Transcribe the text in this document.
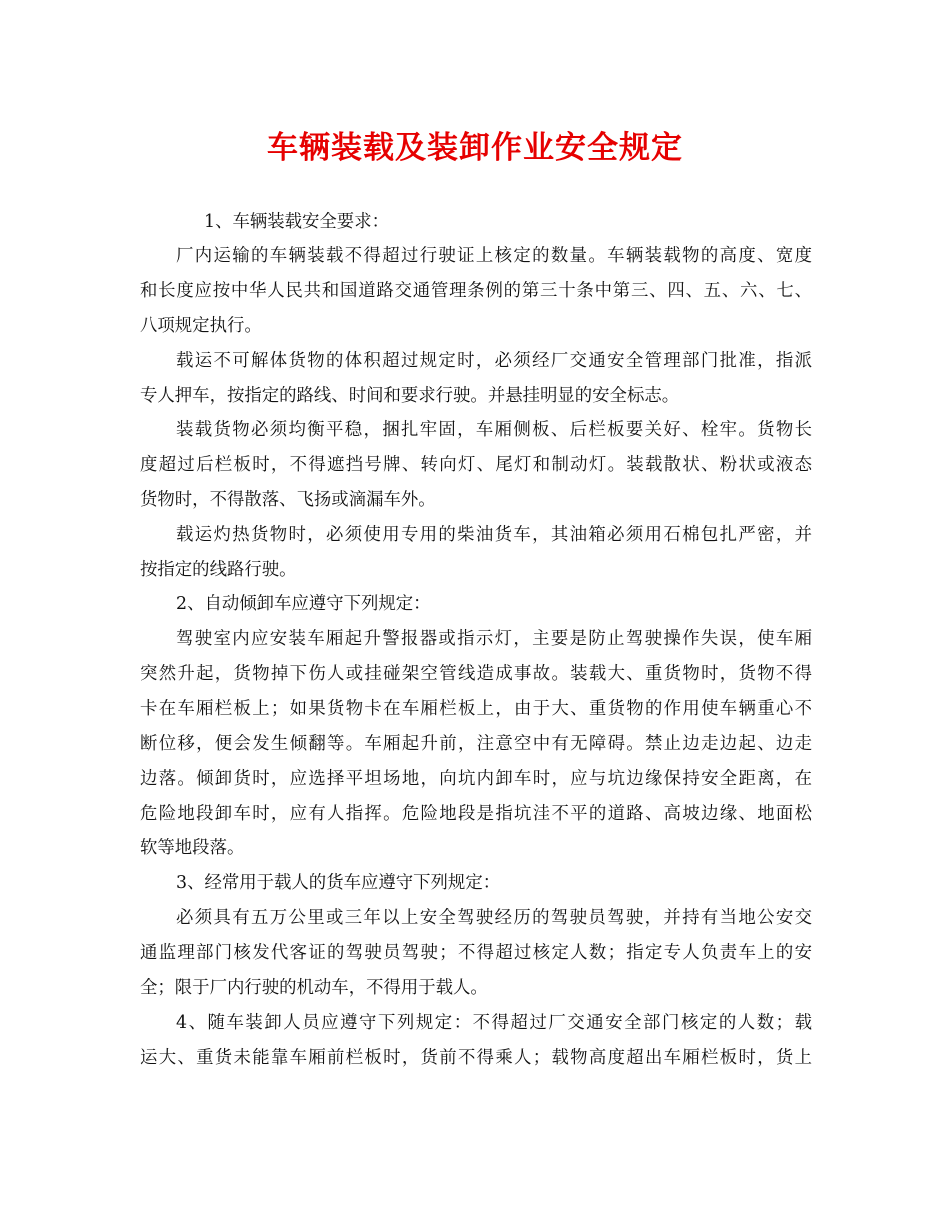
车辆装载及装卸作业安全规定
1、车辆装载安全要求：
厂内运输的车辆装载不得超过行驶证上核定的数量。车辆装载物的高度、宽度
和长度应按中华人民共和国道路交通管理条例的第三十条中第三、四、五、六、七、
八项规定执行。
载运不可解体货物的体积超过规定时，必须经厂交通安全管理部门批准，指派
专人押车，按指定的路线、时间和要求行驶。并悬挂明显的安全标志。
装载货物必须均衡平稳，捆扎牢固，车厢侧板、后栏板要关好、栓牢。货物长
度超过后栏板时，不得遮挡号牌、转向灯、尾灯和制动灯。装载散状、粉状或液态
货物时，不得散落、飞扬或滴漏车外。
载运灼热货物时，必须使用专用的柴油货车，其油箱必须用石棉包扎严密，并
按指定的线路行驶。
2、自动倾卸车应遵守下列规定：
驾驶室内应安装车厢起升警报器或指示灯，主要是防止驾驶操作失误，使车厢
突然升起，货物掉下伤人或挂碰架空管线造成事故。装载大、重货物时，货物不得
卡在车厢栏板上；如果货物卡在车厢栏板上，由于大、重货物的作用使车辆重心不
断位移，便会发生倾翻等。车厢起升前，注意空中有无障碍。禁止边走边起、边走
边落。倾卸货时，应选择平坦场地，向坑内卸车时，应与坑边缘保持安全距离，在
危险地段卸车时，应有人指挥。危险地段是指坑洼不平的道路、高坡边缘、地面松
软等地段落。
3、经常用于载人的货车应遵守下列规定：
必须具有五万公里或三年以上安全驾驶经历的驾驶员驾驶，并持有当地公安交
通监理部门核发代客证的驾驶员驾驶；不得超过核定人数；指定专人负责车上的安
全；限于厂内行驶的机动车，不得用于载人。
4、随车装卸人员应遵守下列规定：不得超过厂交通安全部门核定的人数；载
运大、重货未能靠车厢前栏板时，货前不得乘人；载物高度超出车厢栏板时，货上
